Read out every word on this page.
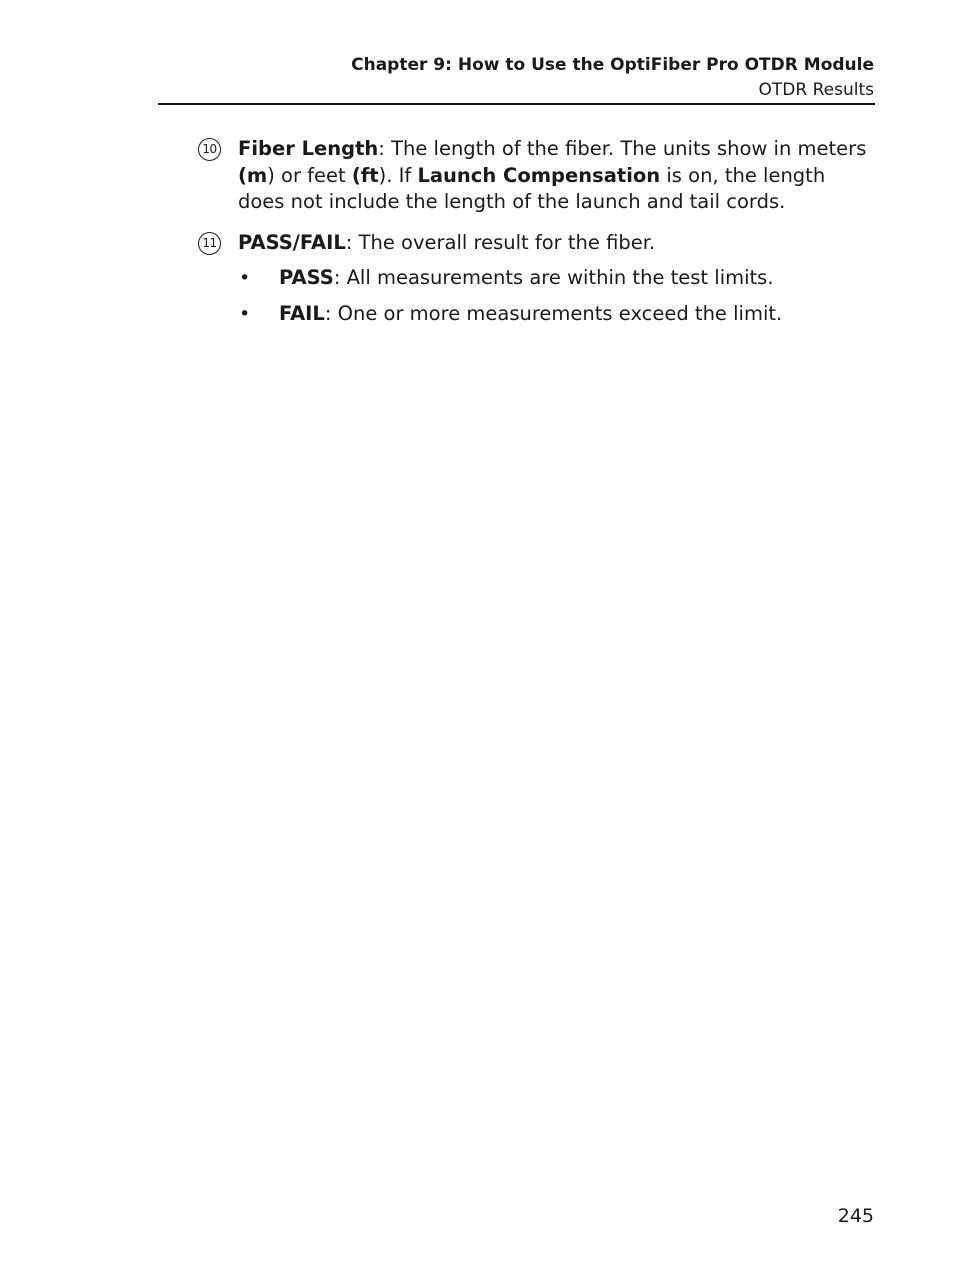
Chapter 9: How to Use the OptiFiber Pro OTDR Module
OTDR Results
10 Fiber Length: The length of the fiber. The units show in meters (m) or feet (ft). If Launch Compensation is on, the length does not include the length of the launch and tail cords.
11 PASS/FAIL: The overall result for the fiber.
•	PASS: All measurements are within the test limits.
•	FAIL: One or more measurements exceed the limit.
245
